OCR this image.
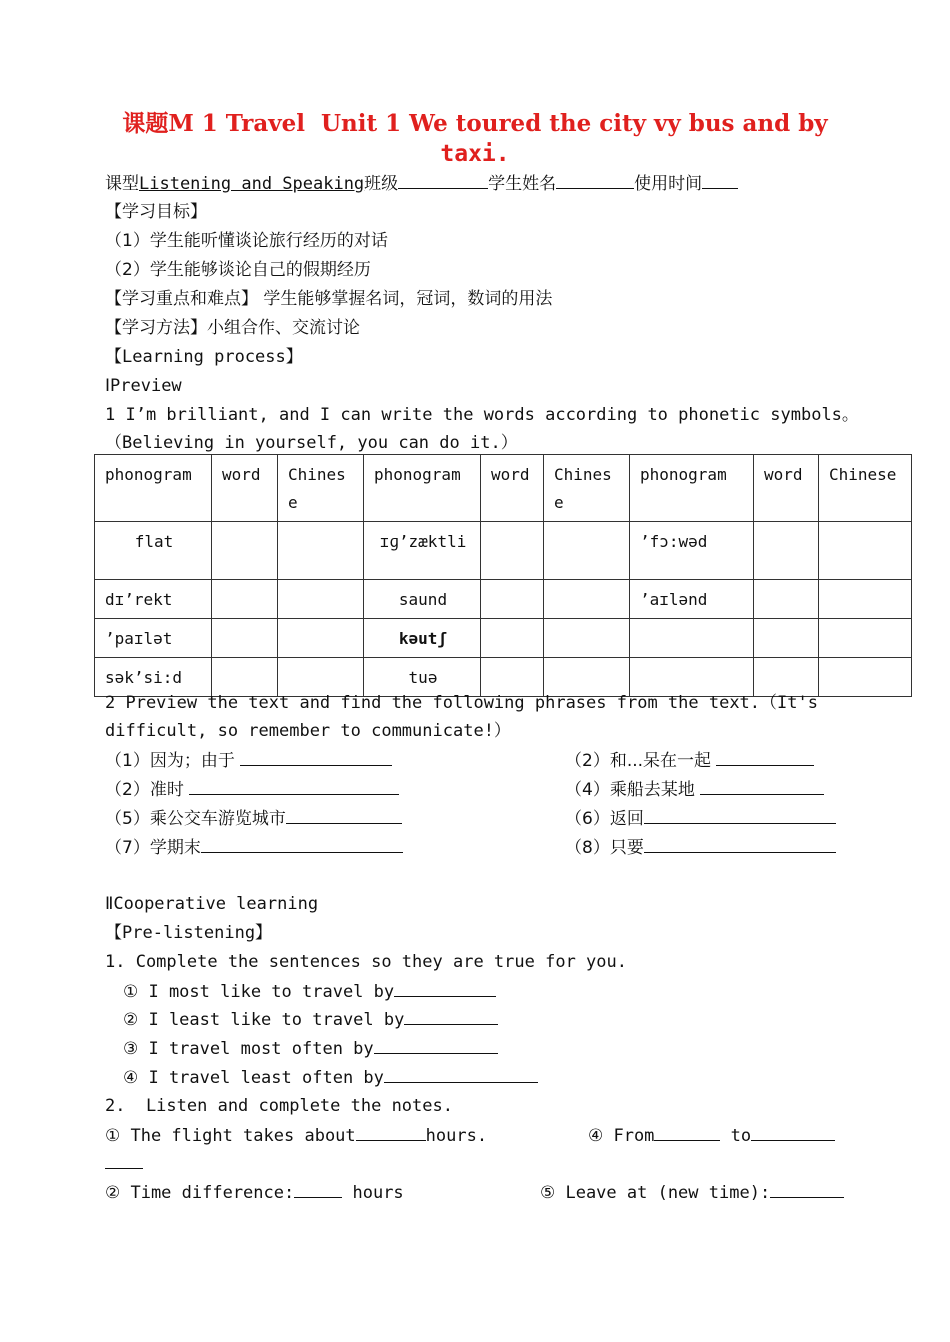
课题M 1 Travel  Unit 1 We toured the city vy bus and by
taxi.
课型Listening and Speaking班级	学生姓名	使用时间
【学习目标】
（1）学生能听懂谈论旅行经历的对话
（2）学生能够谈论自己的假期经历
【学习重点和难点】 学生能够掌握名词，冠词，数词的用法
【学习方法】小组合作、交流讨论
【Learning process】
ⅠPreview
1 I’m brilliant, and I can write the words according to phonetic symbols。
（Believing in yourself, you can do it.）
phonogram	word	Chinese	phonogram	word	Chinese	phonogram	word	Chinese
flat			ɪɡ’zæktli			’fɔ:wəd		
dɪ’rekt			saund			’aɪlənd		
’paɪlət			kəutʃ					
sək’si:d			tuə					
2 Preview the text and find the following phrases from the text.（It's
difficult, so remember to communicate!）
（1）因为；由于	（2）和...呆在一起
（2）准时	（4）乘船去某地
（5）乘公交车游览城市	（6）返回
（7）学期末	（8）只要
ⅡCooperative learning
【Pre-listening】
1. Complete the sentences so they are true for you.
① I most like to travel by
② I least like to travel by
③ I travel most often by
④ I travel least often by
2.  Listen and complete the notes.
① The flight takes about	hours.	④ From	to
② Time difference:	hours	⑤ Leave at (new time):
